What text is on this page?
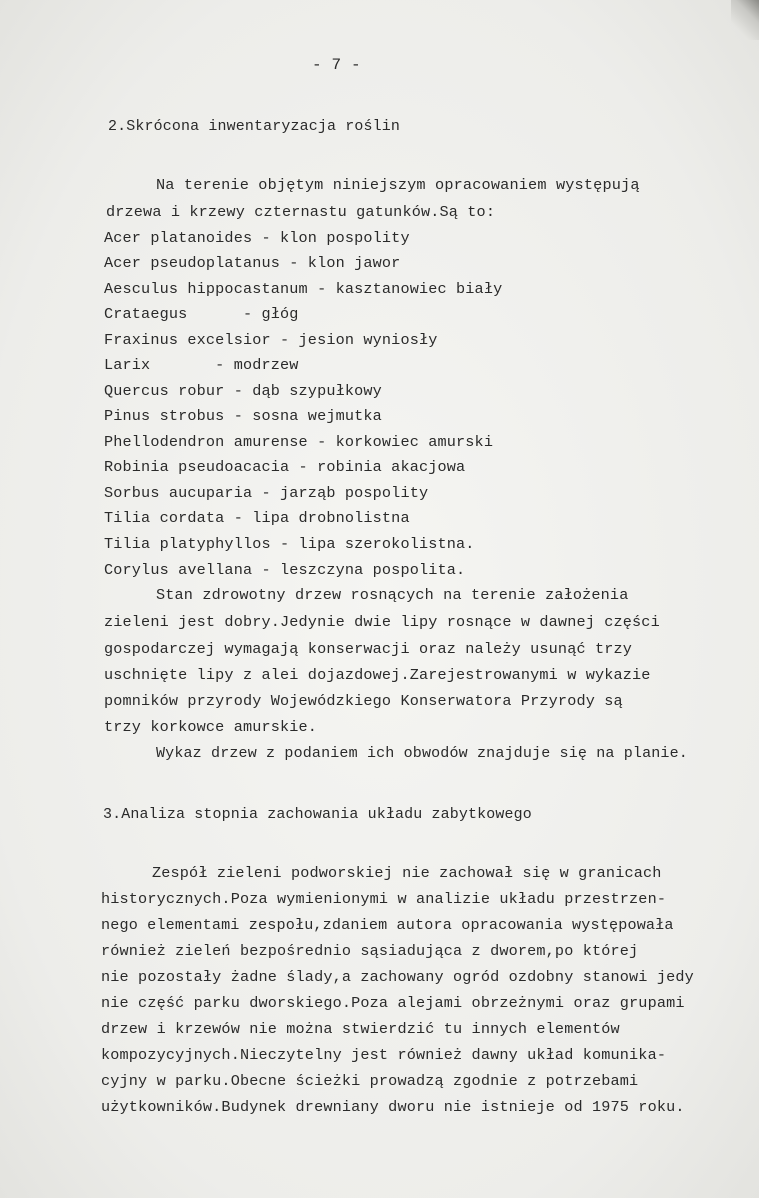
- 7 -
2.Skrócona inwentaryzacja roślin
Na terenie objętym niniejszym opracowaniem występują
drzewa i krzewy czternastu gatunków.Są to:
Acer platanoides - klon pospolity
Acer pseudoplatanus - klon jawor
Aesculus hippocastanum - kasztanowiec biały
Crataegus      - głóg
Fraxinus excelsior - jesion wyniosły
Larix       - modrzew
Quercus robur - dąb szypułkowy
Pinus strobus - sosna wejmutka
Phellodendron amurense - korkowiec amurski
Robinia pseudoacacia - robinia akacjowa
Sorbus aucuparia - jarząb pospolity
Tilia cordata - lipa drobnolistna
Tilia platyphyllos - lipa szerokolistna.
Corylus avellana - leszczyna pospolita.
Stan zdrowotny drzew rosnących na terenie założenia
zieleni jest dobry.Jedynie dwie lipy rosnące w dawnej części
gospodarczej wymagają konserwacji oraz należy usunąć trzy
uschnięte lipy z alei dojazdowej.Zarejestrowanymi w wykazie
pomników przyrody Wojewódzkiego Konserwatora Przyrody są
trzy korkowce amurskie.
Wykaz drzew z podaniem ich obwodów znajduje się na planie.
3.Analiza stopnia zachowania układu zabytkowego
Zespół zieleni podworskiej nie zachował się w granicach
historycznych.Poza wymienionymi w analizie układu przestrzen-
nego elementami zespołu,zdaniem autora opracowania występowała
również zieleń bezpośrednio sąsiadująca z dworem,po której
nie pozostały żadne ślady,a zachowany ogród ozdobny stanowi jedy
nie część parku dworskiego.Poza alejami obrzeżnymi oraz grupami
drzew i krzewów nie można stwierdzić tu innych elementów
kompozycyjnych.Nieczytelny jest również dawny układ komunika-
cyjny w parku.Obecne ścieżki prowadzą zgodnie z potrzebami
użytkowników.Budynek drewniany dworu nie istnieje od 1975 roku.
